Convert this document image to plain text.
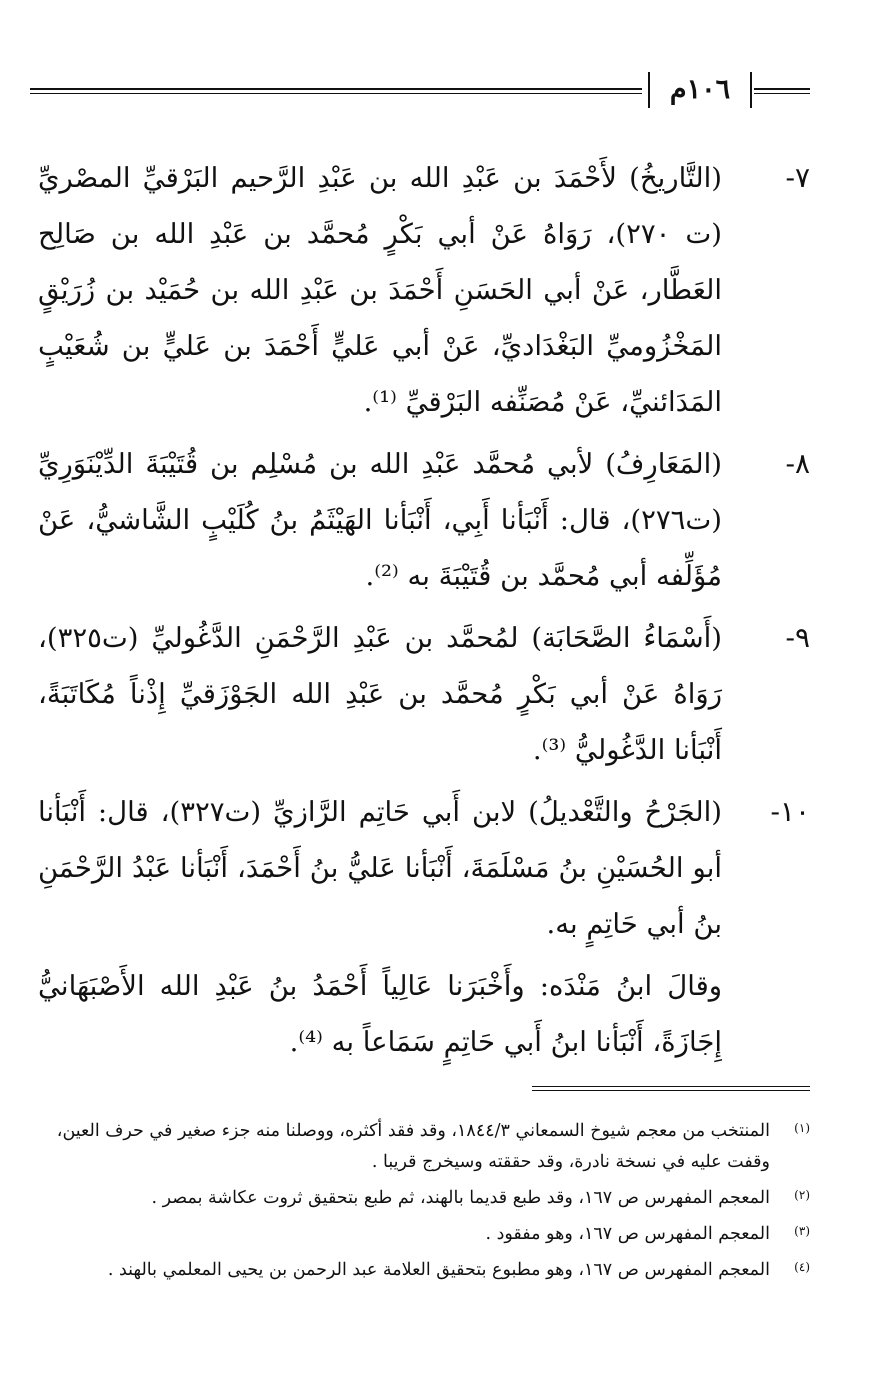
١٠٦م
٧-
(التَّاريخُ) لأَحْمَدَ بن عَبْدِ الله بن عَبْدِ الرَّحيم البَرْقيِّ المصْريِّ (ت ٢٧٠)، رَوَاهُ عَنْ أبي بَكْرٍ مُحمَّد بن عَبْدِ الله بن صَالِح العَطَّار، عَنْ أبي الحَسَنِ أَحْمَدَ بن عَبْدِ الله بن حُمَيْد بن زُرَيْقٍ المَخْزُوميِّ البَغْدَاديِّ، عَنْ أبي عَليٍّ أَحْمَدَ بن عَليٍّ بن شُعَيْبٍ المَدَائنيِّ، عَنْ مُصَنِّفه البَرْقيِّ ⁽¹⁾.
٨-
(المَعَارِفُ) لأبي مُحمَّد عَبْدِ الله بن مُسْلِم بن قُتَيْبَةَ الدِّيْنَوَرِيِّ (ت٢٧٦)، قال: أَنْبَأنا أَبِي، أَنْبَأنا الهَيْثَمُ بنُ كُلَيْبٍ الشَّاشيُّ، عَنْ مُؤَلِّفه أبي مُحمَّد بن قُتَيْبَةَ به ⁽²⁾.
٩-
(أَسْمَاءُ الصَّحَابَة) لمُحمَّد بن عَبْدِ الرَّحْمَنِ الدَّغُوليِّ (ت٣٢٥)، رَوَاهُ عَنْ أبي بَكْرٍ مُحمَّد بن عَبْدِ الله الجَوْزَقيِّ إِذْناً مُكَاتَبَةً، أَنْبَأنا الدَّغُوليُّ ⁽³⁾.
١٠-
(الجَرْحُ والتَّعْديلُ) لابن أَبي حَاتِم الرَّازيِّ (ت٣٢٧)، قال: أَنْبَأنا أبو الحُسَيْنِ بنُ مَسْلَمَةَ، أَنْبَأنا عَليُّ بنُ أَحْمَدَ، أَنْبَأنا عَبْدُ الرَّحْمَنِ بنُ أبي حَاتِمٍ به.
وقالَ ابنُ مَنْدَه: وأَخْبَرَنا عَالِياً أَحْمَدُ بنُ عَبْدِ الله الأَصْبَهَانيُّ إِجَازَةً، أَنْبَأنا ابنُ أَبي حَاتِمٍ سَمَاعاً به ⁽⁴⁾.
(١)
المنتخب من معجم شيوخ السمعاني ١٨٤٤/٣، وقد فقد أكثره، ووصلنا منه جزء صغير في حرف العين، وقفت عليه في نسخة نادرة، وقد حققته وسيخرج قريبا .
(٢)
المعجم المفهرس ص ١٦٧، وقد طبع قديما بالهند، ثم طبع بتحقيق ثروت عكاشة بمصر .
(٣)
المعجم المفهرس ص ١٦٧، وهو مفقود .
(٤)
المعجم المفهرس ص ١٦٧، وهو مطبوع بتحقيق العلامة عبد الرحمن بن يحيى المعلمي بالهند .
